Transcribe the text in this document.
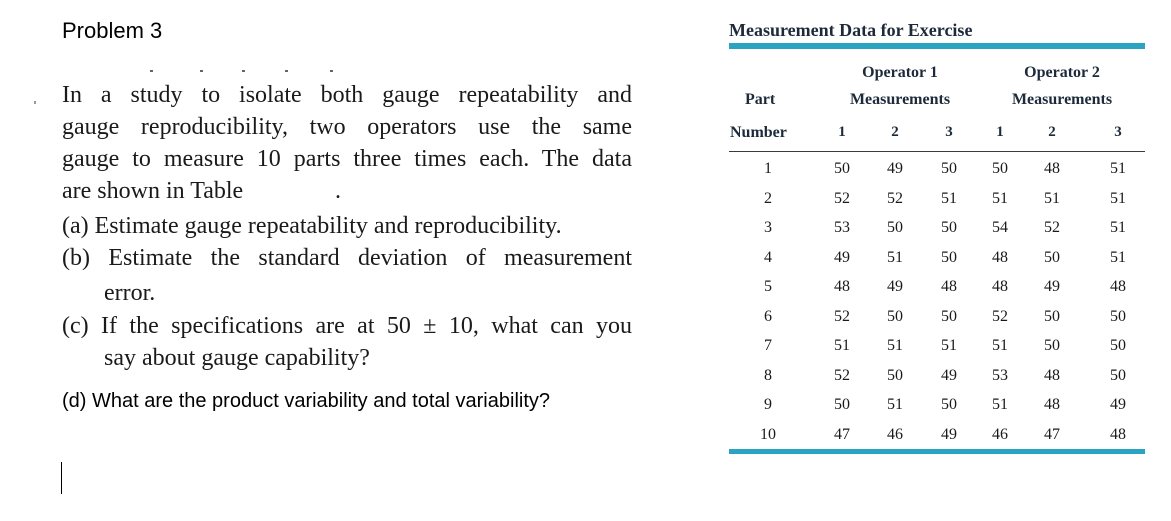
Problem 3
In a study to isolate both gauge repeatability and
gauge reproducibility, two operators use the same
gauge to measure 10 parts three times each. The data
are shown in Table	.
(a) Estimate gauge repeatability and reproducibility.
(b) Estimate the standard deviation of measurement
error.
(c) If the specifications are at 50 ± 10, what can you
say about gauge capability?
(d) What are the product variability and total variability?
Measurement Data for Exercise
Part
Number
Operator 1
Measurements
Operator 2
Measurements
1	2	3	1	2	3
1	50	49	50	50	48	51
2	52	52	51	51	51	51
3	53	50	50	54	52	51
4	49	51	50	48	50	51
5	48	49	48	48	49	48
6	52	50	50	52	50	50
7	51	51	51	51	50	50
8	52	50	49	53	48	50
9	50	51	50	51	48	49
10	47	46	49	46	47	48
